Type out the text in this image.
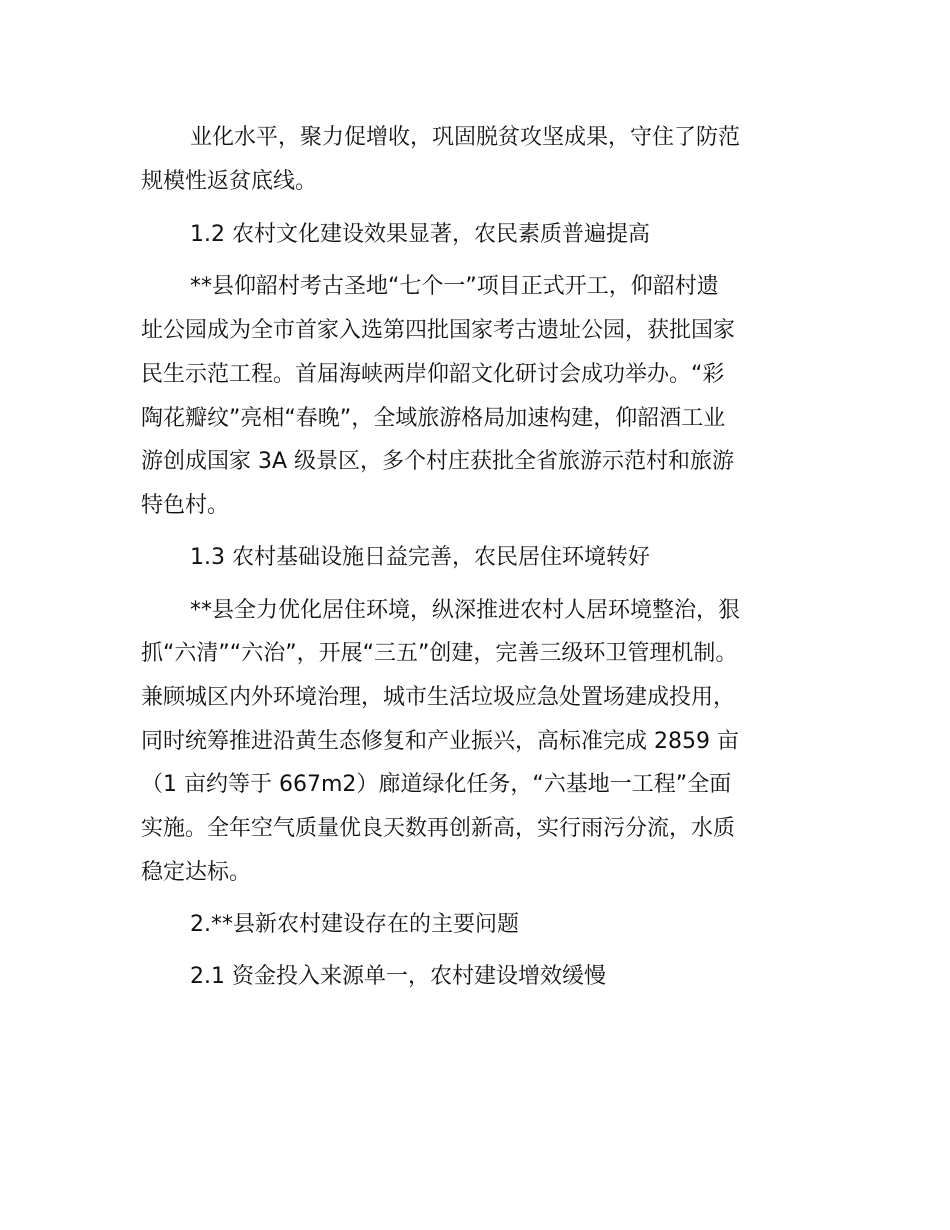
业化水平，聚力促增收，巩固脱贫攻坚成果，守住了防范
规模性返贫底线。
1.2 农村文化建设效果显著，农民素质普遍提高
**县仰韶村考古圣地“七个一”项目正式开工，仰韶村遗
址公园成为全市首家入选第四批国家考古遗址公园，获批国家
民生示范工程。首届海峡两岸仰韶文化研讨会成功举办。“彩
陶花瓣纹”亮相“春晚”，全域旅游格局加速构建，仰韶酒工业
游创成国家 3A 级景区，多个村庄获批全省旅游示范村和旅游
特色村。
1.3 农村基础设施日益完善，农民居住环境转好
**县全力优化居住环境，纵深推进农村人居环境整治，狠
抓“六清”“六治”，开展“三五”创建，完善三级环卫管理机制。
兼顾城区内外环境治理，城市生活垃圾应急处置场建成投用，
同时统筹推进沿黄生态修复和产业振兴，高标准完成 2859 亩
（1 亩约等于 667m2）廊道绿化任务，“六基地一工程”全面
实施。全年空气质量优良天数再创新高，实行雨污分流，水质
稳定达标。
2.**县新农村建设存在的主要问题
2.1 资金投入来源单一，农村建设增效缓慢
